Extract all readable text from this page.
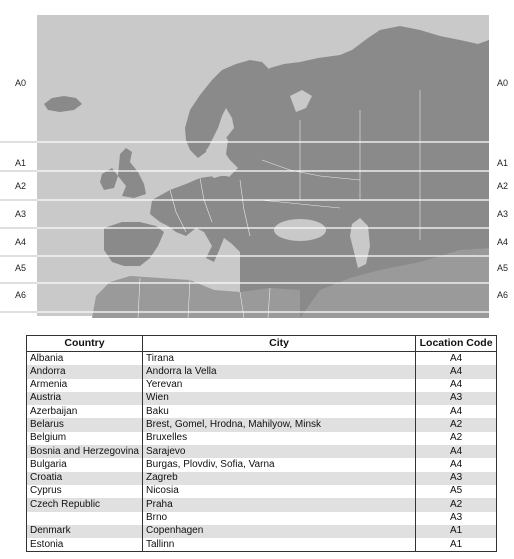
A0
A1
A2
A3
A4
A5
A6
A0
A1
A2
A3
A4
A5
A6
Country	City	Location Code
Albania	Tirana	A4
Andorra	Andorra la Vella	A4
Armenia	Yerevan	A4
Austria	Wien	A3
Azerbaijan	Baku	A4
Belarus	Brest, Gomel, Hrodna, Mahilyow, Minsk	A2
Belgium	Bruxelles	A2
Bosnia and Herzegovina	Sarajevo	A4
Bulgaria	Burgas, Plovdiv, Sofia, Varna	A4
Croatia	Zagreb	A3
Cyprus	Nicosia	A5
Czech Republic	Praha	A2
	Brno	A3
Denmark	Copenhagen	A1
Estonia	Tallinn	A1
